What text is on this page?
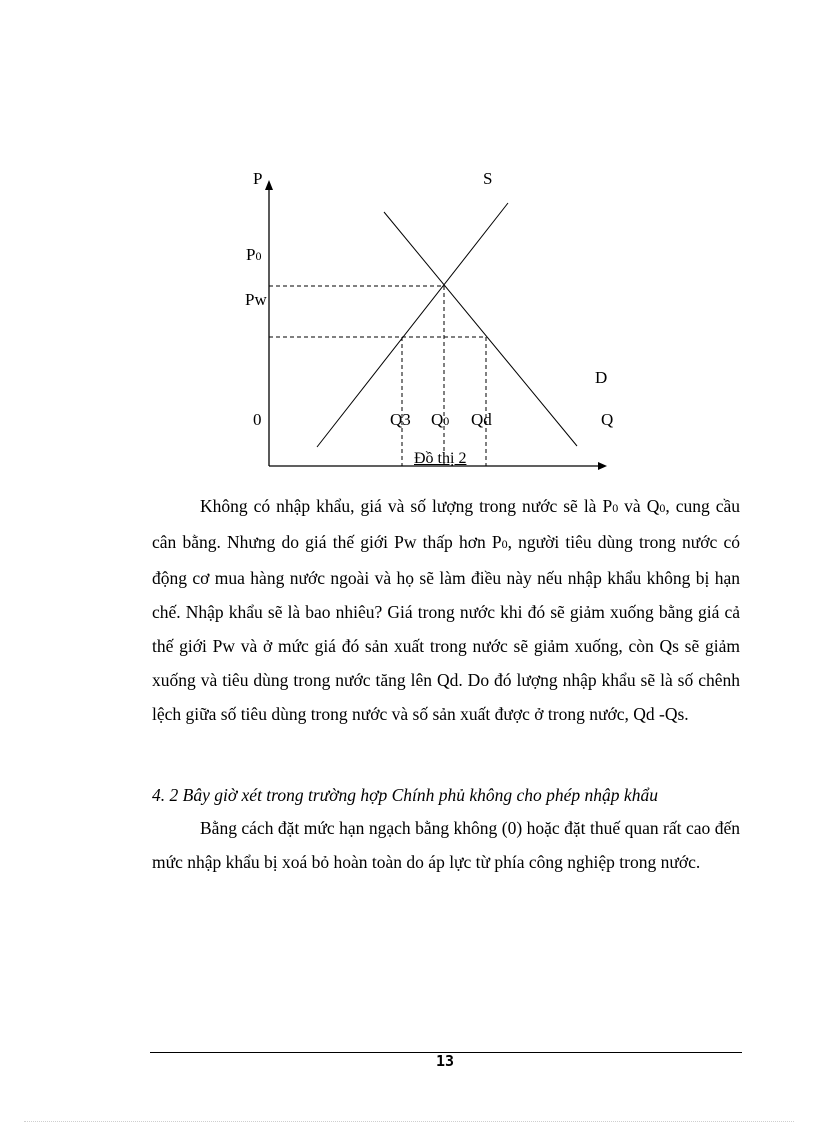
P	S
P0
Pw
D
0	Q3 Q0 Qd	Q
Đồ thị 2

Không có nhập khẩu, giá và số lượng trong nước sẽ là P0 và Q0, cung cầu cân bằng. Nhưng do giá thế giới Pw thấp hơn P0, người tiêu dùng trong nước có động cơ mua hàng nước ngoài và họ sẽ làm điều này nếu nhập khẩu không bị hạn chế. Nhập khẩu sẽ là bao nhiêu? Giá trong nước khi đó sẽ giảm xuống bằng giá cả thế giới Pw và ở mức giá đó sản xuất trong nước sẽ giảm xuống, còn Qs sẽ giảm xuống và tiêu dùng trong nước tăng lên Qd. Do đó lượng nhập khẩu sẽ là số chênh lệch giữa số tiêu dùng trong nước và số sản xuất được ở trong nước, Qd -Qs.

4. 2 Bây giờ xét trong trường hợp Chính phủ không cho phép nhập khẩu

Bằng cách đặt mức hạn ngạch bằng không (0) hoặc đặt thuế quan rất cao đến mức nhập khẩu bị xoá bỏ hoàn toàn do áp lực từ phía công nghiệp trong nước.

13
